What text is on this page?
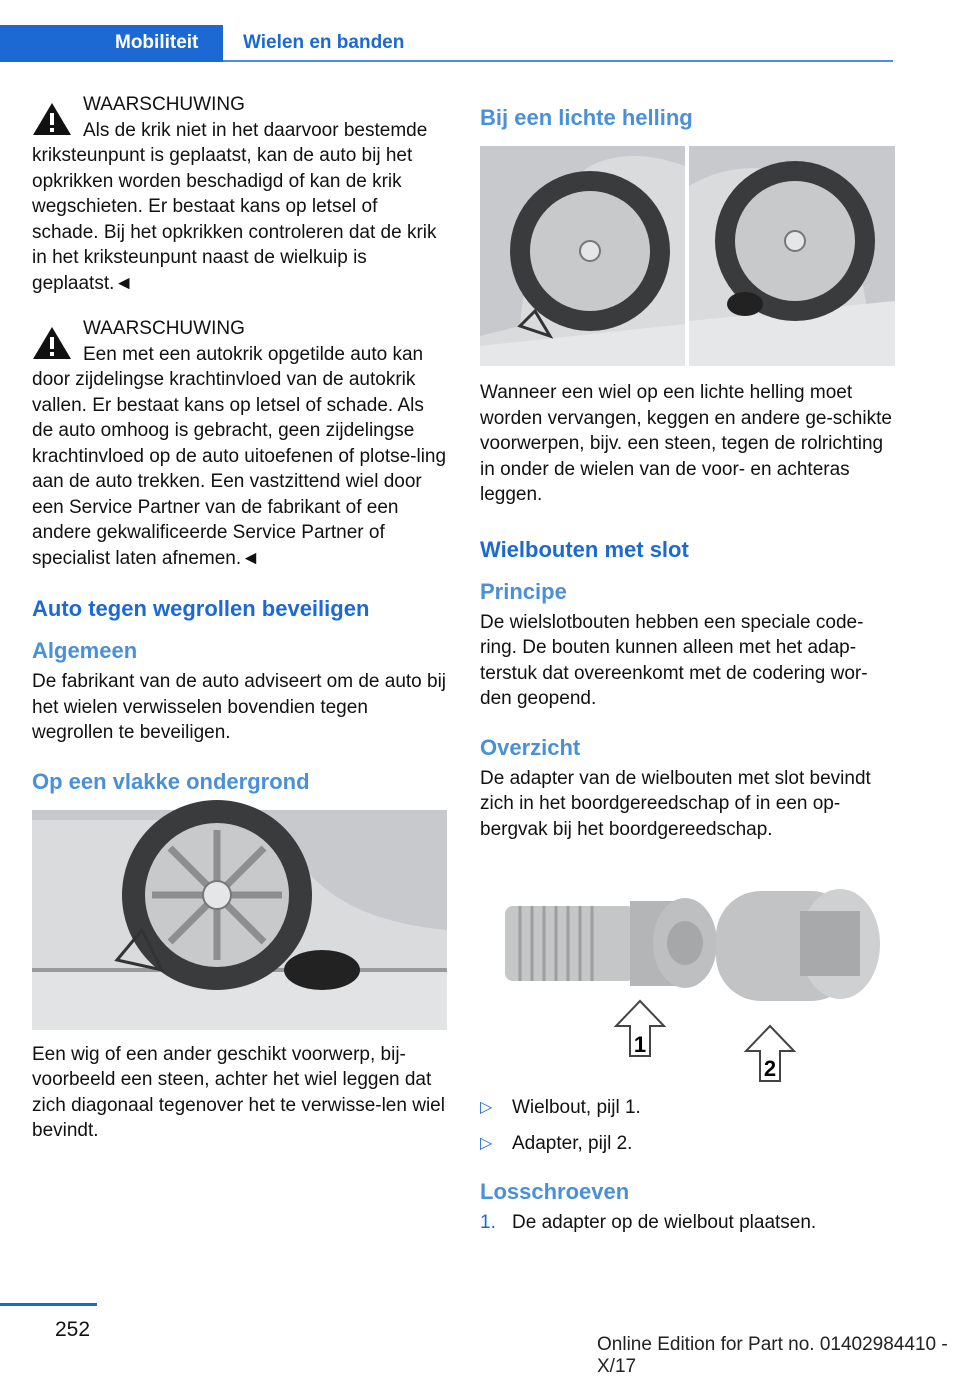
Mobiliteit	Wielen en banden
WAARSCHUWING
Als de krik niet in het daarvoor bestemde
kriksteunpunt is geplaatst, kan de auto bij het opkrikken worden beschadigd of kan de krik wegschieten. Er bestaat kans op letsel of schade. Bij het opkrikken controleren dat de krik in het kriksteunpunt naast de wielkuip is geplaatst.◄
WAARSCHUWING
Een met een autokrik opgetilde auto kan
door zijdelingse krachtinvloed van de autokrik vallen. Er bestaat kans op letsel of schade. Als de auto omhoog is gebracht, geen zijdelingse krachtinvloed op de auto uitoefenen of plotse-ling aan de auto trekken. Een vastzittend wiel door een Service Partner van de fabrikant of een andere gekwalificeerde Service Partner of specialist laten afnemen.◄
Auto tegen wegrollen beveiligen
Algemeen

De fabrikant van de auto adviseert om de auto bij het wielen verwisselen bovendien tegen wegrollen te beveiligen.

Op een vlakke ondergrond

Een wig of een ander geschikt voorwerp, bij-voorbeeld een steen, achter het wiel leggen dat zich diagonaal tegenover het te verwisse-len wiel bevindt.

Bij een lichte helling

Wanneer een wiel op een lichte helling moet worden vervangen, keggen en andere ge-schikte voorwerpen, bijv. een steen, tegen de rolrichting in onder de wielen van de voor- en achteras leggen.

Wielbouten met slot
Principe

De wielslotbouten hebben een speciale code-ring. De bouten kunnen alleen met het adap-terstuk dat overeenkomt met de codering wor-den geopend.

Overzicht

De adapter van de wielbouten met slot bevindt zich in het boordgereedschap of in een op-bergvak bij het boordgereedschap.

1
2
▷	Wielbout, pijl 1.
▷	Adapter, pijl 2.
Losschroeven
1. De adapter op de wielbout plaatsen.
252
Online Edition for Part no. 01402984410 - X/17
